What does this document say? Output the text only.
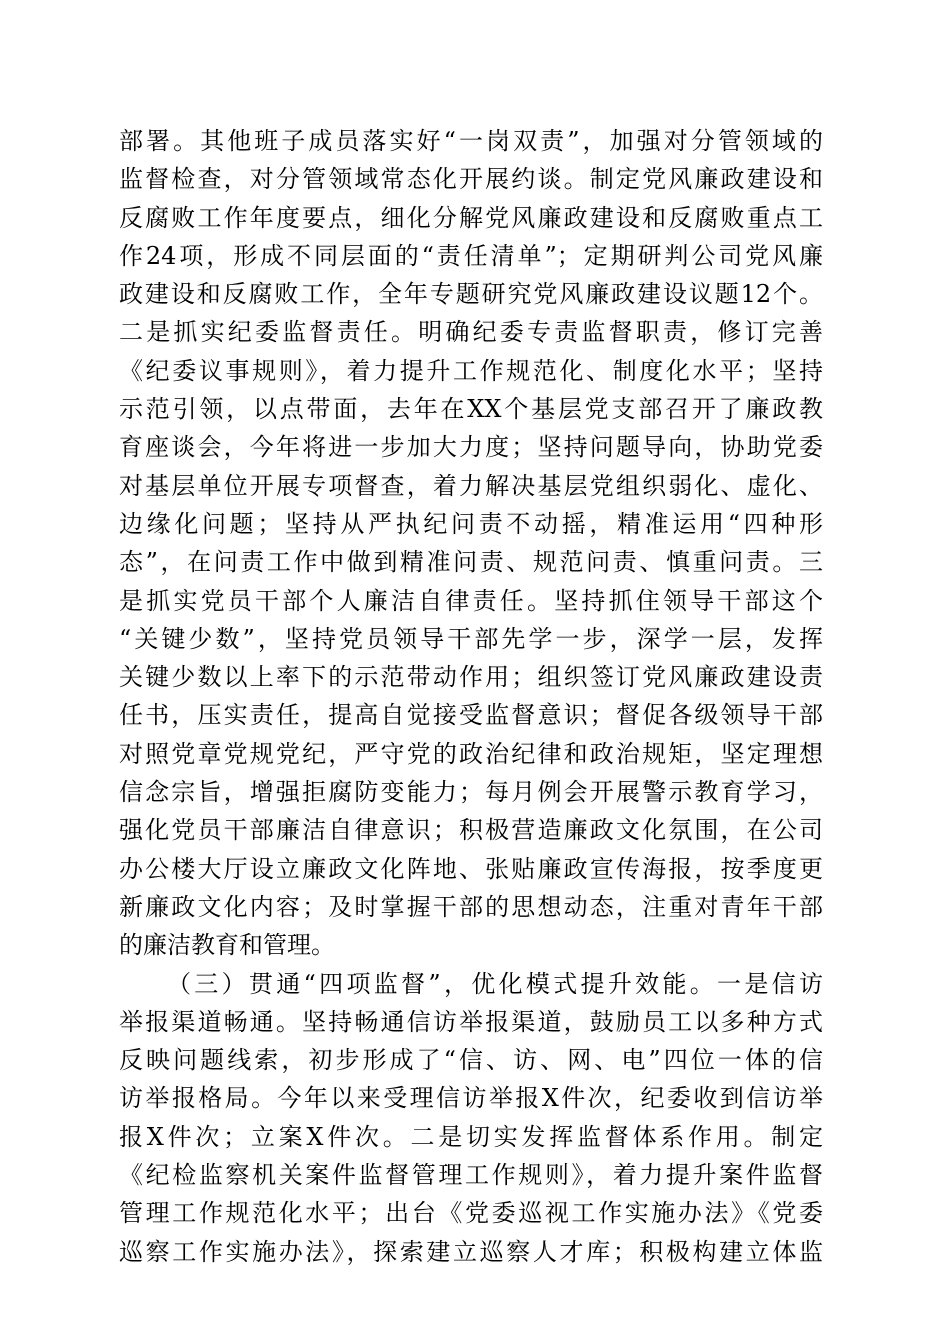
部署。其他班子成员落实好“一岗双责”，加强对分管领域的
监督检查，对分管领域常态化开展约谈。制定党风廉政建设和
反腐败工作年度要点，细化分解党风廉政建设和反腐败重点工
作24项，形成不同层面的“责任清单”；定期研判公司党风廉
政建设和反腐败工作，全年专题研究党风廉政建设议题12个。
二是抓实纪委监督责任。明确纪委专责监督职责，修订完善
《纪委议事规则》，着力提升工作规范化、制度化水平；坚持
示范引领，以点带面，去年在XX个基层党支部召开了廉政教
育座谈会，今年将进一步加大力度；坚持问题导向，协助党委
对基层单位开展专项督查，着力解决基层党组织弱化、虚化、
边缘化问题；坚持从严执纪问责不动摇，精准运用“四种形
态”，在问责工作中做到精准问责、规范问责、慎重问责。三
是抓实党员干部个人廉洁自律责任。坚持抓住领导干部这个
“关键少数”，坚持党员领导干部先学一步，深学一层，发挥
关键少数以上率下的示范带动作用；组织签订党风廉政建设责
任书，压实责任，提高自觉接受监督意识；督促各级领导干部
对照党章党规党纪，严守党的政治纪律和政治规矩，坚定理想
信念宗旨，增强拒腐防变能力；每月例会开展警示教育学习，
强化党员干部廉洁自律意识；积极营造廉政文化氛围，在公司
办公楼大厅设立廉政文化阵地、张贴廉政宣传海报，按季度更
新廉政文化内容；及时掌握干部的思想动态，注重对青年干部
的廉洁教育和管理。
（三）贯通“四项监督”，优化模式提升效能。一是信访
举报渠道畅通。坚持畅通信访举报渠道，鼓励员工以多种方式
反映问题线索，初步形成了“信、访、网、电”四位一体的信
访举报格局。今年以来受理信访举报X件次，纪委收到信访举
报X件次；立案X件次。二是切实发挥监督体系作用。制定
《纪检监察机关案件监督管理工作规则》，着力提升案件监督
管理工作规范化水平；出台《党委巡视工作实施办法》《党委
巡察工作实施办法》，探索建立巡察人才库；积极构建立体监
